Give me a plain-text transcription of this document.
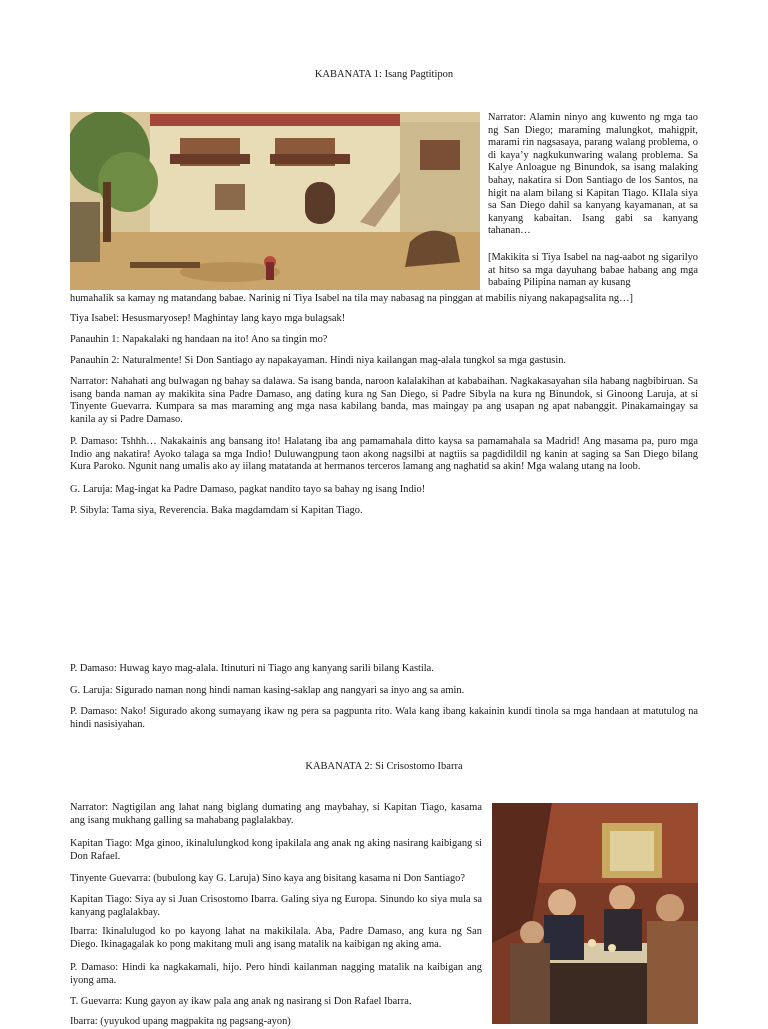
KABANATA 1: Isang Pagtitipon

Narrator: Alamin ninyo ang kuwento ng mga tao ng San Diego; maraming malungkot, mahigpit, marami rin nagsasaya, parang walang problema, o di kaya’y nagkukunwaring walang problema. Sa Kalye Anloague ng Binundok, sa isang malaking bahay, nakatira si Don Santiago de los Santos, na higit na alam bilang si Kapitan Tiago. KIlala siya sa San Diego dahil sa kanyang kayamanan, at sa kanyang kabaitan. Isang gabi sa kanyang tahanan…

[Makikita si Tiya Isabel na nag-aabot ng sigarilyo at hitso sa mga dayuhang babae habang ang mga babaing Pilipina naman ay kusang

humahalik sa kamay ng matandang babae. Narinig ni Tiya Isabel na tila may nabasag na pinggan at mabilis niyang nakapagsalita ng…]

Tiya Isabel: Hesusmaryosep! Maghintay lang kayo mga bulagsak!

Panauhin 1: Napakalaki ng handaan na ito! Ano sa tingin mo?

Panauhin 2: Naturalmente! Si Don Santiago ay napakayaman. Hindi niya kailangan mag-alala tungkol sa mga gastusin.

Narrator: Nahahati ang bulwagan ng bahay sa dalawa. Sa isang banda, naroon kalalakihan at kababaihan. Nagkakasayahan sila habang nagbibiruan. Sa isang banda naman ay makikita sina Padre Damaso, ang dating kura ng San Diego, si Padre Sibyla na kura ng Binundok, si Ginoong Laruja, at si Tinyente Guevarra. Kumpara sa mas maraming ang mga nasa kabilang banda, mas maingay pa ang usapan ng apat nabanggit. Pinakamaingay sa kanila ay si Padre Damaso.

P. Damaso: Tshhh… Nakakainis ang bansang ito! Halatang iba ang pamamahala ditto kaysa sa pamamahala sa Madrid! Ang masama pa, puro mga Indio ang nakatira! Ayoko talaga sa mga Indio! Duluwangpung taon akong nagsilbi at nagtiis sa pagdidildil ng kanin at saging sa San Diego bilang Kura Paroko. Ngunit nang umalis ako ay iilang matatanda at hermanos terceros lamang ang naghatid sa akin! Mga walang utang na loob.

G. Laruja: Mag-ingat ka Padre Damaso, pagkat nandito tayo sa bahay ng isang Indio!

P. Sibyla: Tama siya, Reverencia. Baka magdamdam si Kapitan Tiago.

P. Damaso: Huwag kayo mag-alala. Itinuturi ni Tiago ang kanyang sarili bilang Kastila.

G. Laruja: Sigurado naman nong hindi naman kasing-saklap ang nangyari sa inyo ang sa amin.

P. Damaso: Nako! Sigurado akong sumayang ikaw ng pera sa pagpunta rito. Wala kang ibang kakainin kundi tinola sa mga handaan at matutulog na hindi nasisiyahan.

KABANATA 2: Si Crisostomo Ibarra

Narrator: Nagtigilan ang lahat nang biglang dumating ang maybahay, si Kapitan Tiago, kasama ang isang mukhang galling sa mahabang paglalakbay.

Kapitan Tiago: Mga ginoo, ikinalulungkod kong ipakilala ang anak ng aking nasirang kaibigang si Don Rafael.

Tinyente Guevarra: (bubulong kay G. Laruja) Sino kaya ang bisitang kasama ni Don Santiago?

Kapitan Tiago: Siya ay si Juan Crisostomo Ibarra. Galing siya ng Europa. Sinundo ko siya mula sa kanyang paglalakbay.

Ibarra: Ikinalulugod ko po kayong lahat na makikilala. Aba, Padre Damaso, ang kura ng San Diego. Ikinagagalak ko pong makitang muli ang isang matalik na kaibigan ng aking ama.

P. Damaso: Hindi ka nagkakamali, hijo. Pero hindi kailanman nagging matalik na kaibigan ang iyong ama.

T. Guevarra: Kung gayon ay ikaw pala ang anak ng nasirang si Don Rafael Ibarra.

Ibarra: (yuyukod upang magpakita ng pagsang-ayon)
